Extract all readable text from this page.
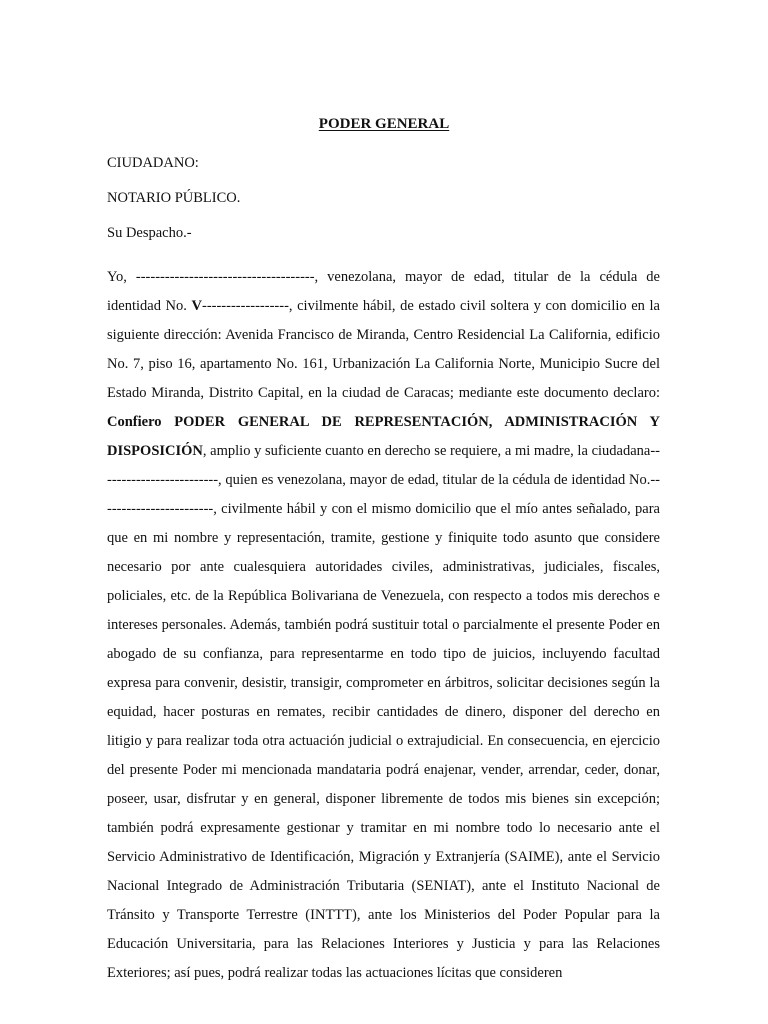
PODER GENERAL
CIUDADANO:
NOTARIO PÚBLICO.
Su Despacho.-

Yo, -------------------------------------, venezolana, mayor de edad, titular de la cédula de identidad No. V------------------, civilmente hábil, de estado civil soltera y con domicilio en la siguiente dirección: Avenida Francisco de Miranda, Centro Residencial La California, edificio No. 7, piso 16, apartamento No. 161, Urbanización La California Norte, Municipio Sucre del Estado Miranda, Distrito Capital, en la ciudad de Caracas; mediante este documento declaro: Confiero PODER GENERAL DE REPRESENTACIÓN, ADMINISTRACIÓN Y DISPOSICIÓN, amplio y suficiente cuanto en derecho se requiere, a mi madre, la ciudadana-------------------------, quien es venezolana, mayor de edad, titular de la cédula de identidad No.------------------------, civilmente hábil y con el mismo domicilio que el mío antes señalado, para que en mi nombre y representación, tramite, gestione y finiquite todo asunto que considere necesario por ante cualesquiera autoridades civiles, administrativas, judiciales, fiscales, policiales, etc. de la República Bolivariana de Venezuela, con respecto a todos mis derechos e intereses personales. Además, también podrá sustituir total o parcialmente el presente Poder en abogado de su confianza, para representarme en todo tipo de juicios, incluyendo facultad expresa para convenir, desistir, transigir, comprometer en árbitros, solicitar decisiones según la equidad, hacer posturas en remates, recibir cantidades de dinero, disponer del derecho en litigio y para realizar toda otra actuación judicial o extrajudicial. En consecuencia, en ejercicio del presente Poder mi mencionada mandataria podrá enajenar, vender, arrendar, ceder, donar, poseer, usar, disfrutar y en general, disponer libremente de todos mis bienes sin excepción; también podrá expresamente gestionar y tramitar en mi nombre todo lo necesario ante el Servicio Administrativo de Identificación, Migración y Extranjería (SAIME), ante el Servicio Nacional Integrado de Administración Tributaria (SENIAT), ante el Instituto Nacional de Tránsito y Transporte Terrestre (INTTT), ante los Ministerios del Poder Popular para la Educación Universitaria, para las Relaciones Interiores y Justicia y para las Relaciones Exteriores; así pues, podrá realizar todas las actuaciones lícitas que consideren
